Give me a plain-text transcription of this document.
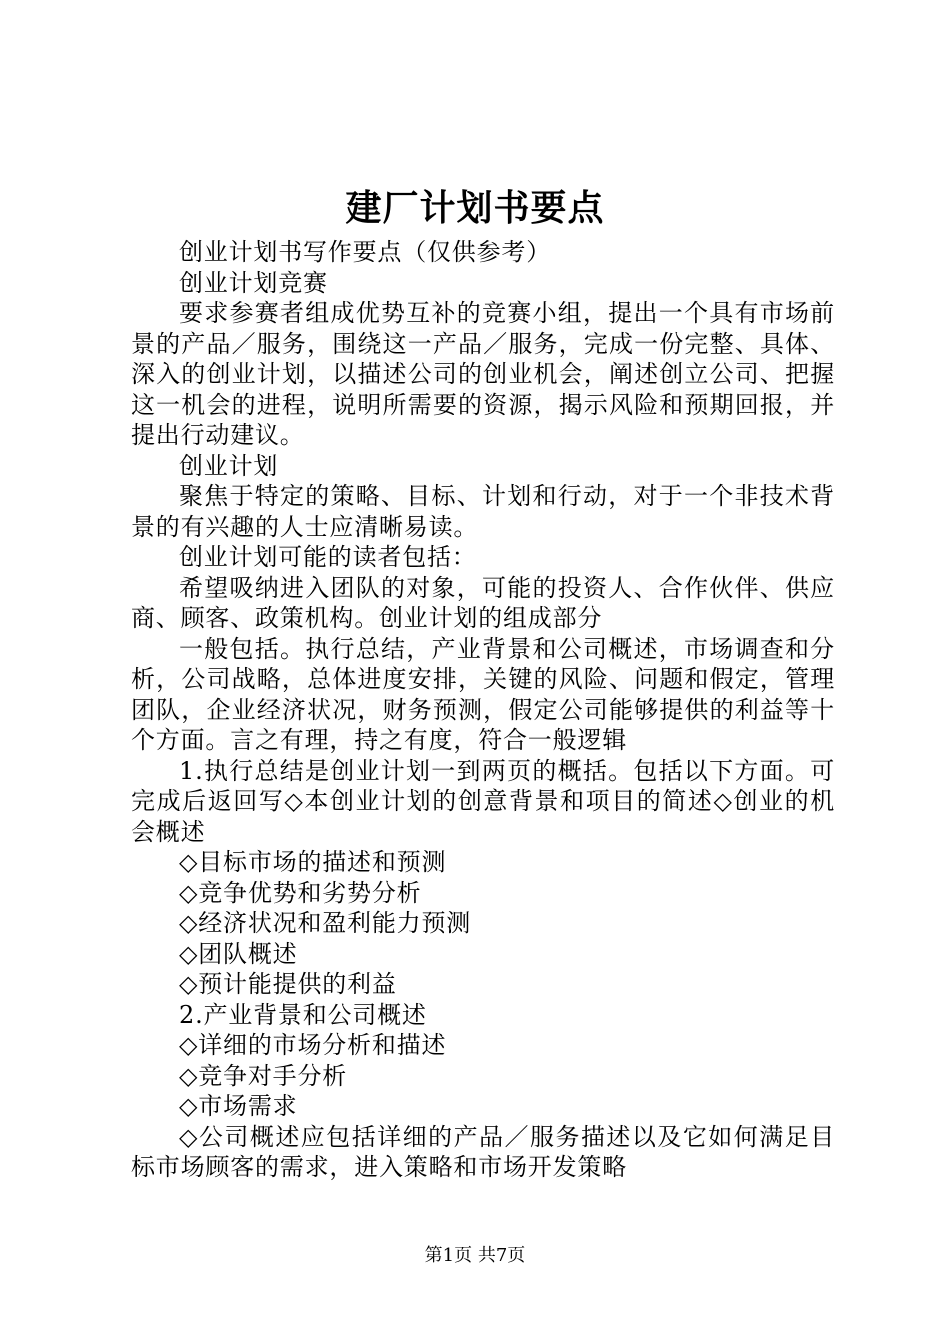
建厂计划书要点

创业计划书写作要点（仅供参考）

创业计划竞赛

要求参赛者组成优势互补的竞赛小组，提出一个具有市场前景的产品／服务，围绕这一产品／服务，完成一份完整、具体、深入的创业计划，以描述公司的创业机会，阐述创立公司、把握这一机会的进程，说明所需要的资源，揭示风险和预期回报，并提出行动建议。

创业计划

聚焦于特定的策略、目标、计划和行动，对于一个非技术背景的有兴趣的人士应清晰易读。

创业计划可能的读者包括：

希望吸纳进入团队的对象，可能的投资人、合作伙伴、供应商、顾客、政策机构。创业计划的组成部分

一般包括。执行总结，产业背景和公司概述，市场调查和分析，公司战略，总体进度安排，关键的风险、问题和假定，管理团队，企业经济状况，财务预测，假定公司能够提供的利益等十个方面。言之有理，持之有度，符合一般逻辑

1.执行总结是创业计划一到两页的概括。包括以下方面。可完成后返回写◇本创业计划的创意背景和项目的简述◇创业的机会概述

◇目标市场的描述和预测

◇竞争优势和劣势分析

◇经济状况和盈利能力预测

◇团队概述

◇预计能提供的利益

2.产业背景和公司概述

◇详细的市场分析和描述

◇竞争对手分析

◇市场需求

◇公司概述应包括详细的产品／服务描述以及它如何满足目标市场顾客的需求，进入策略和市场开发策略

第1页 共7页
